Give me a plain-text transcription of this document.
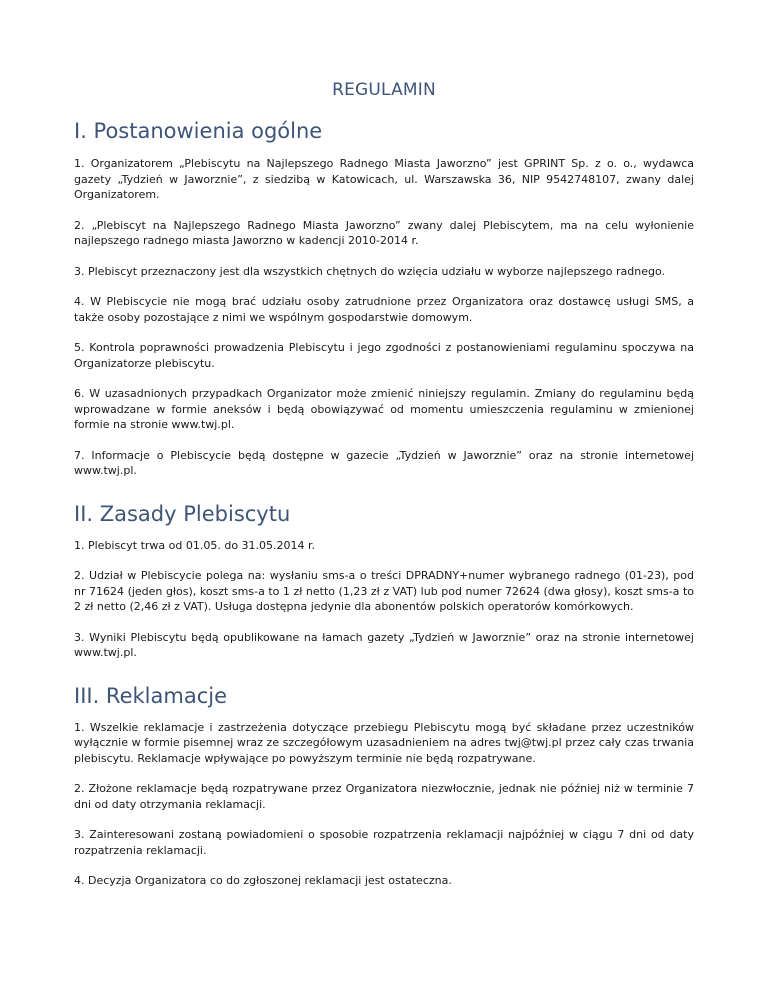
REGULAMIN
I. Postanowienia ogólne

1. Organizatorem „Plebiscytu na Najlepszego Radnego Miasta Jaworzno” jest GPRINT Sp. z o. o., wydawca gazety „Tydzień w Jaworznie”, z siedzibą w Katowicach, ul. Warszawska 36, NIP 9542748107, zwany dalej Organizatorem.

2. „Plebiscyt na Najlepszego Radnego Miasta Jaworzno” zwany dalej Plebiscytem, ma na celu wyłonienie najlepszego radnego miasta Jaworzno w kadencji 2010-2014 r.

3. Plebiscyt przeznaczony jest dla wszystkich chętnych do wzięcia udziału w wyborze najlepszego radnego.

4. W Plebiscycie nie mogą brać udziału osoby zatrudnione przez Organizatora oraz dostawcę usługi SMS, a także osoby pozostające z nimi we wspólnym gospodarstwie domowym.

5. Kontrola poprawności prowadzenia Plebiscytu i jego zgodności z postanowieniami regulaminu spoczywa na Organizatorze plebiscytu.

6. W uzasadnionych przypadkach Organizator może zmienić niniejszy regulamin. Zmiany do regulaminu będą wprowadzane w formie aneksów i będą obowiązywać od momentu umieszczenia regulaminu w zmienionej formie na stronie www.twj.pl.

7. Informacje o Plebiscycie będą dostępne w gazecie „Tydzień w Jaworznie” oraz na stronie internetowej www.twj.pl.

II. Zasady Plebiscytu

1. Plebiscyt trwa od 01.05. do 31.05.2014 r.

2. Udział w Plebiscycie polega na: wysłaniu sms-a o treści DPRADNY+numer wybranego radnego (01-23), pod nr 71624 (jeden głos), koszt sms-a to 1 zł netto (1,23 zł z VAT) lub pod numer 72624 (dwa głosy), koszt sms-a to 2 zł netto (2,46 zł z VAT). Usługa dostępna jedynie dla abonentów polskich operatorów komórkowych.

3. Wyniki Plebiscytu będą opublikowane na łamach gazety „Tydzień w Jaworznie” oraz na stronie internetowej www.twj.pl.

III. Reklamacje

1. Wszelkie reklamacje i zastrzeżenia dotyczące przebiegu Plebiscytu mogą być składane przez uczestników wyłącznie w formie pisemnej wraz ze szczegółowym uzasadnieniem na adres twj@twj.pl przez cały czas trwania plebiscytu. Reklamacje wpływające po powyższym terminie nie będą rozpatrywane.

2. Złożone reklamacje będą rozpatrywane przez Organizatora niezwłocznie, jednak nie później niż w terminie 7 dni od daty otrzymania reklamacji.

3. Zainteresowani zostaną powiadomieni o sposobie rozpatrzenia reklamacji najpóźniej w ciągu 7 dni od daty rozpatrzenia reklamacji.

4. Decyzja Organizatora co do zgłoszonej reklamacji jest ostateczna.
